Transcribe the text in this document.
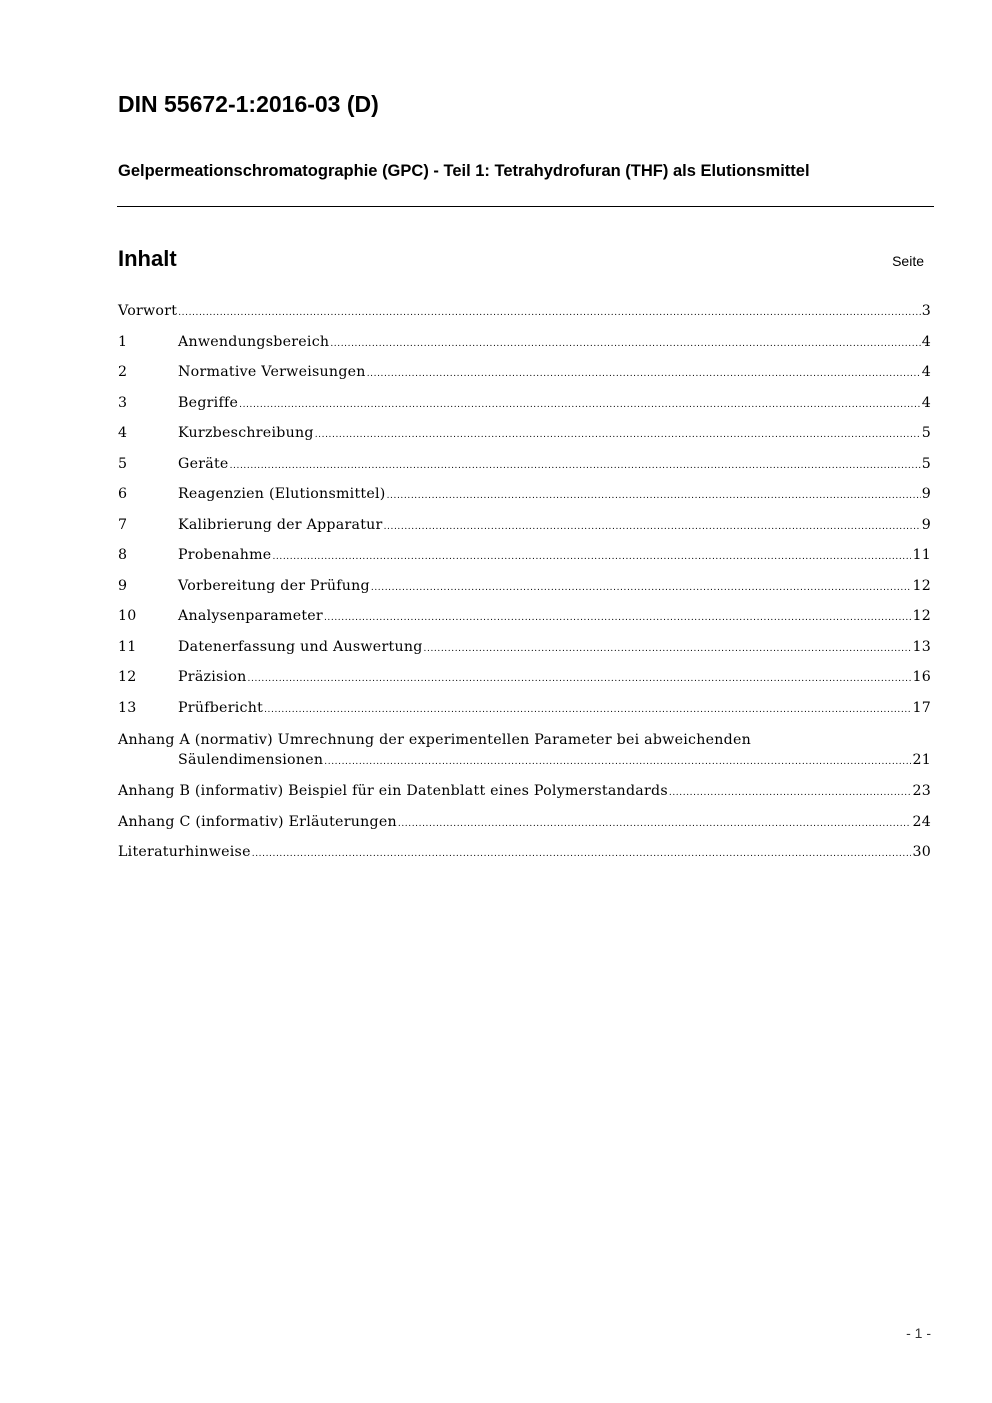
DIN 55672-1:2016-03 (D)
Gelpermeationschromatographie (GPC) - Teil 1: Tetrahydrofuran (THF) als Elutionsmittel
Inhalt	Seite
Vorwort .....	3
1	Anwendungsbereich .....	4
2	Normative Verweisungen .....	4
3	Begriffe .....	4
4	Kurzbeschreibung .....	5
5	Geräte .....	5
6	Reagenzien (Elutionsmittel) .....	9
7	Kalibrierung der Apparatur .....	9
8	Probenahme .....	11
9	Vorbereitung der Prüfung .....	12
10	Analysenparameter .....	12
11	Datenerfassung und Auswertung .....	13
12	Präzision .....	16
13	Prüfbericht .....	17
Anhang A (normativ) Umrechnung der experimentellen Parameter bei abweichenden
Säulendimensionen .....	21
Anhang B (informativ) Beispiel für ein Datenblatt eines Polymerstandards .....	23
Anhang C (informativ) Erläuterungen .....	24
Literaturhinweise .....	30
- 1 -
